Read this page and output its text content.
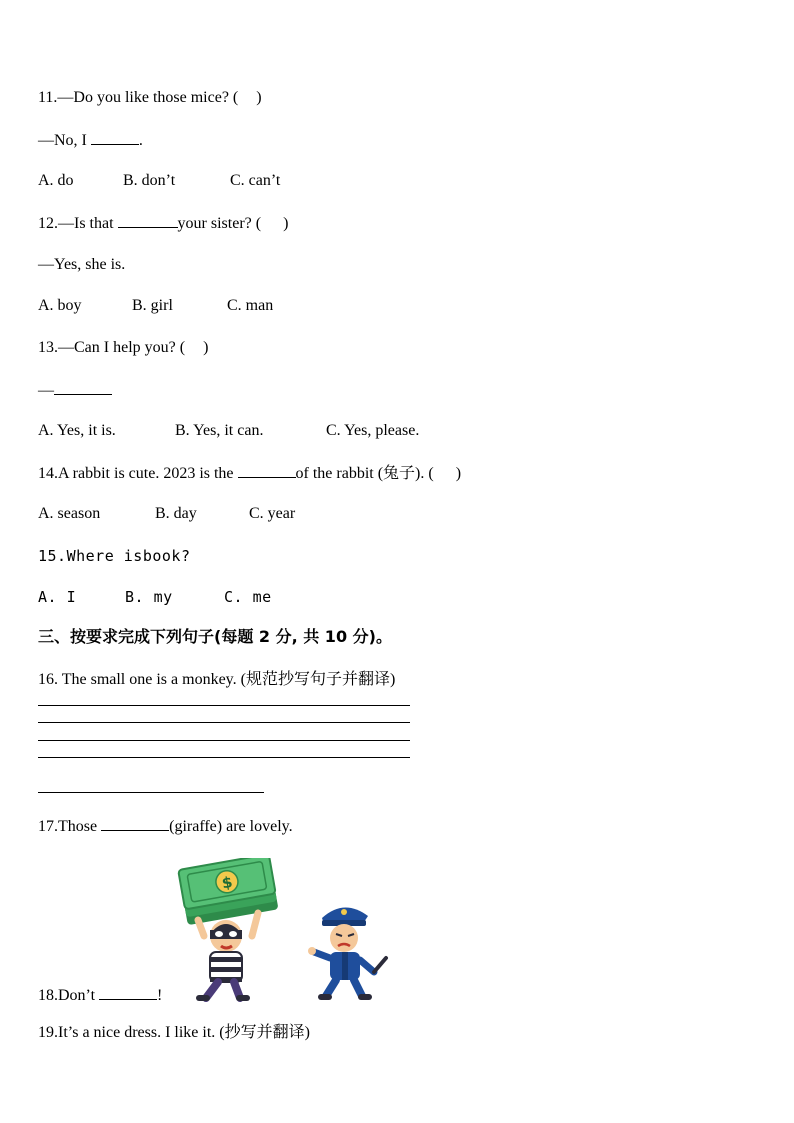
11.—Do you like those mice? ( )
—No, I	.
A. do	B. don’t	C. can’t
12.—Is that	your sister? ( )
—Yes, she is.
A. boy	B. girl	C. man
13.—Can I help you? ( )
—
A. Yes, it is.	B. Yes, it can.	C. Yes, please.
14.A rabbit is cute. 2023 is the	of the rabbit (兔子). ( )
A. season	B. day	C. year
15.Where isbook?
A. I	B. my	C. me
三、按要求完成下列句子(每题 2 分, 共 10 分)。
16. The small one is a monkey. (规范抄写句子并翻译)
17.Those	(giraffe) are lovely.
$
18.Don’t	!
19.It’s a nice dress. I like it. (抄写并翻译)
